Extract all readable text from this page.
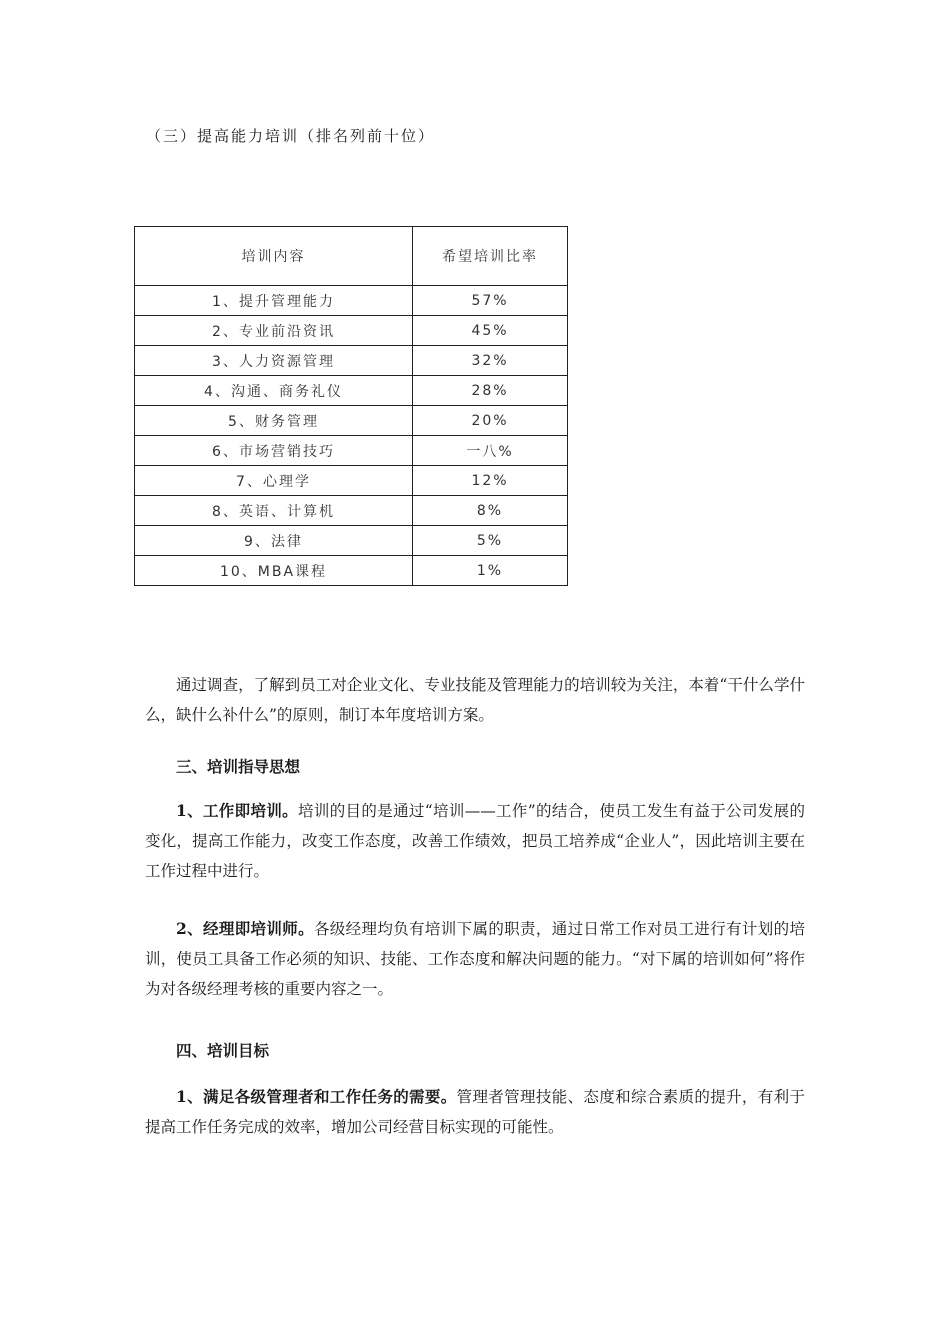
（三）提高能力培训（排名列前十位）
培训内容	希望培训比率
1、提升管理能力	57%
2、专业前沿资讯	45%
3、人力资源管理	32%
4、沟通、商务礼仪	28%
5、财务管理	20%
6、市场营销技巧	一八%
7、心理学	12%
8、英语、计算机	8%
9、法律	5%
10、MBA课程	1%

通过调查，了解到员工对企业文化、专业技能及管理能力的培训较为关注，本着“干什么学什么，缺什么补什么”的原则，制订本年度培训方案。

三、培训指导思想

1、工作即培训。培训的目的是通过“培训——工作”的结合，使员工发生有益于公司发展的变化，提高工作能力，改变工作态度，改善工作绩效，把员工培养成“企业人”，因此培训主要在工作过程中进行。

2、经理即培训师。各级经理均负有培训下属的职责，通过日常工作对员工进行有计划的培训，使员工具备工作必须的知识、技能、工作态度和解决问题的能力。“对下属的培训如何”将作为对各级经理考核的重要内容之一。

四、培训目标

1、满足各级管理者和工作任务的需要。管理者管理技能、态度和综合素质的提升，有利于提高工作任务完成的效率，增加公司经营目标实现的可能性。
